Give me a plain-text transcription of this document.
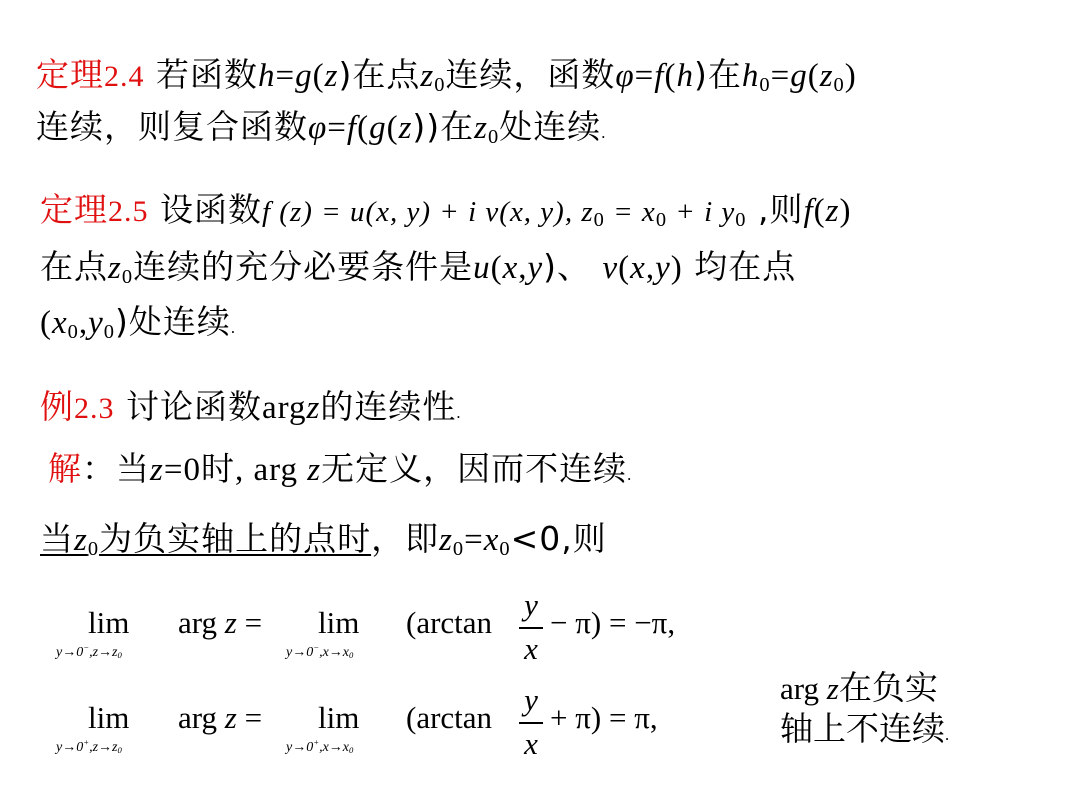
定理2.4 若函数h=g(z)在点$z_0$连续，函数φ=f(h)在$h_0=g(z_0)$
连续，则复合函数φ=f(g(z))在$z_0$处连续.
定理2.5 设函数f (z) = u(x, y) + i v(x, y), $z_0 = x_0 + i$ $y_0$ ,则f(z)
在点$z_0$连续的充分必要条件是u(x,y)、 v(x,y) 均在点
$(x_0,y_0)$处连续.
例2.3 讨论函数argz的连续性.
解：当z=0时, arg z无定义，因而不连续.
当$z_0$为负实轴上的点时，即$z_0=x_0<0$,则
lim
$y\to 0^-,z\to z_0$
arg z = lim
$y\to 0^-,x\to x_0$
(arctan
y
x
− π) = −π,
lim
$y\to 0^+,z\to z_0$
arg z = lim
$y\to 0^+,x\to x_0$
(arctan
y
x
+ π) = π,
arg z在负实
轴上不连续.
